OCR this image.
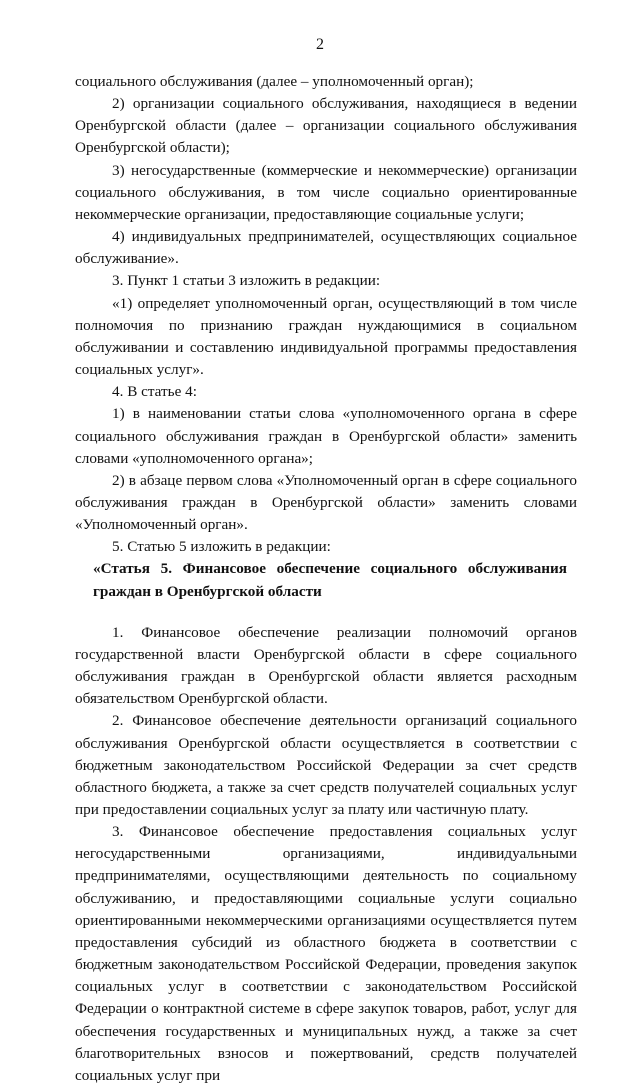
2

социального обслуживания (далее – уполномоченный орган);

2) организации социального обслуживания, находящиеся в ведении Оренбургской области (далее – организации социального обслуживания Оренбургской области);

3) негосударственные (коммерческие и некоммерческие) организации социального обслуживания, в том числе социально ориентированные некоммерческие организации, предоставляющие социальные услуги;

4) индивидуальных предпринимателей, осуществляющих социальное обслуживание».

3. Пункт 1 статьи 3 изложить в редакции:

«1) определяет уполномоченный орган, осуществляющий в том числе полномочия по признанию граждан нуждающимися в социальном обслуживании и составлению индивидуальной программы предоставления социальных услуг».

4. В статье 4:

1) в наименовании статьи слова «уполномоченного органа в сфере социального обслуживания граждан в Оренбургской области» заменить словами «уполномоченного органа»;

2) в абзаце первом слова «Уполномоченный орган в сфере социального обслуживания граждан в Оренбургской области» заменить словами «Уполномоченный орган».

5. Статью 5 изложить в редакции:

«Статья 5. Финансовое обеспечение социального обслуживания граждан в Оренбургской области

1. Финансовое обеспечение реализации полномочий органов государственной власти Оренбургской области в сфере социального обслуживания граждан в Оренбургской области является расходным обязательством Оренбургской области.

2. Финансовое обеспечение деятельности организаций социального обслуживания Оренбургской области осуществляется в соответствии с бюджетным законодательством Российской Федерации за счет средств областного бюджета, а также за счет средств получателей социальных услуг при предоставлении социальных услуг за плату или частичную плату.

3. Финансовое обеспечение предоставления социальных услуг негосударственными организациями, индивидуальными предпринимателями, осуществляющими деятельность по социальному обслуживанию, и предоставляющими социальные услуги социально ориентированными некоммерческими организациями осуществляется путем предоставления субсидий из областного бюджета в соответствии с бюджетным законодательством Российской Федерации, проведения закупок социальных услуг в соответствии с законодательством Российской Федерации о контрактной системе в сфере закупок товаров, работ, услуг для обеспечения государственных и муниципальных нужд, а также за счет благотворительных взносов и пожертвований, средств получателей социальных услуг при
